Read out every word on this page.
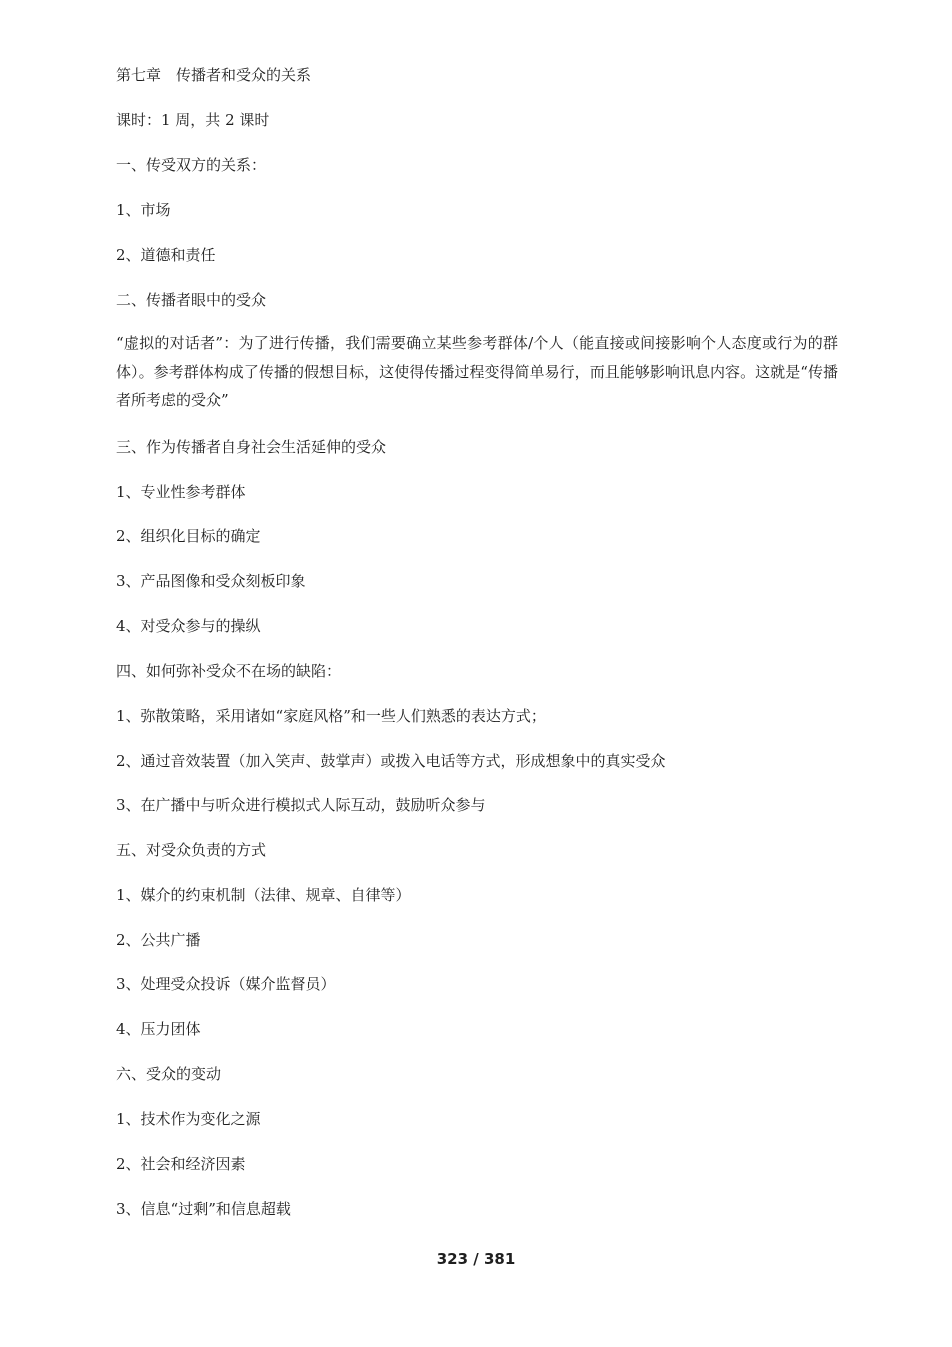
第七章　传播者和受众的关系
课时：1 周，共 2 课时
一、传受双方的关系：
1、市场
2、道德和责任
二、传播者眼中的受众
“虚拟的对话者”：为了进行传播，我们需要确立某些参考群体/个人（能直接或间接影响个人态度或行为的群体）。参考群体构成了传播的假想目标，这使得传播过程变得简单易行，而且能够影响讯息内容。这就是“传播者所考虑的受众”
三、作为传播者自身社会生活延伸的受众
1、专业性参考群体
2、组织化目标的确定
3、产品图像和受众刻板印象
4、对受众参与的操纵
四、如何弥补受众不在场的缺陷：
1、弥散策略，采用诸如“家庭风格”和一些人们熟悉的表达方式；
2、通过音效装置（加入笑声、鼓掌声）或拨入电话等方式，形成想象中的真实受众
3、在广播中与听众进行模拟式人际互动，鼓励听众参与
五、对受众负责的方式
1、媒介的约束机制（法律、规章、自律等）
2、公共广播
3、处理受众投诉（媒介监督员）
4、压力团体
六、受众的变动
1、技术作为变化之源
2、社会和经济因素
3、信息“过剩”和信息超载
323 / 381
